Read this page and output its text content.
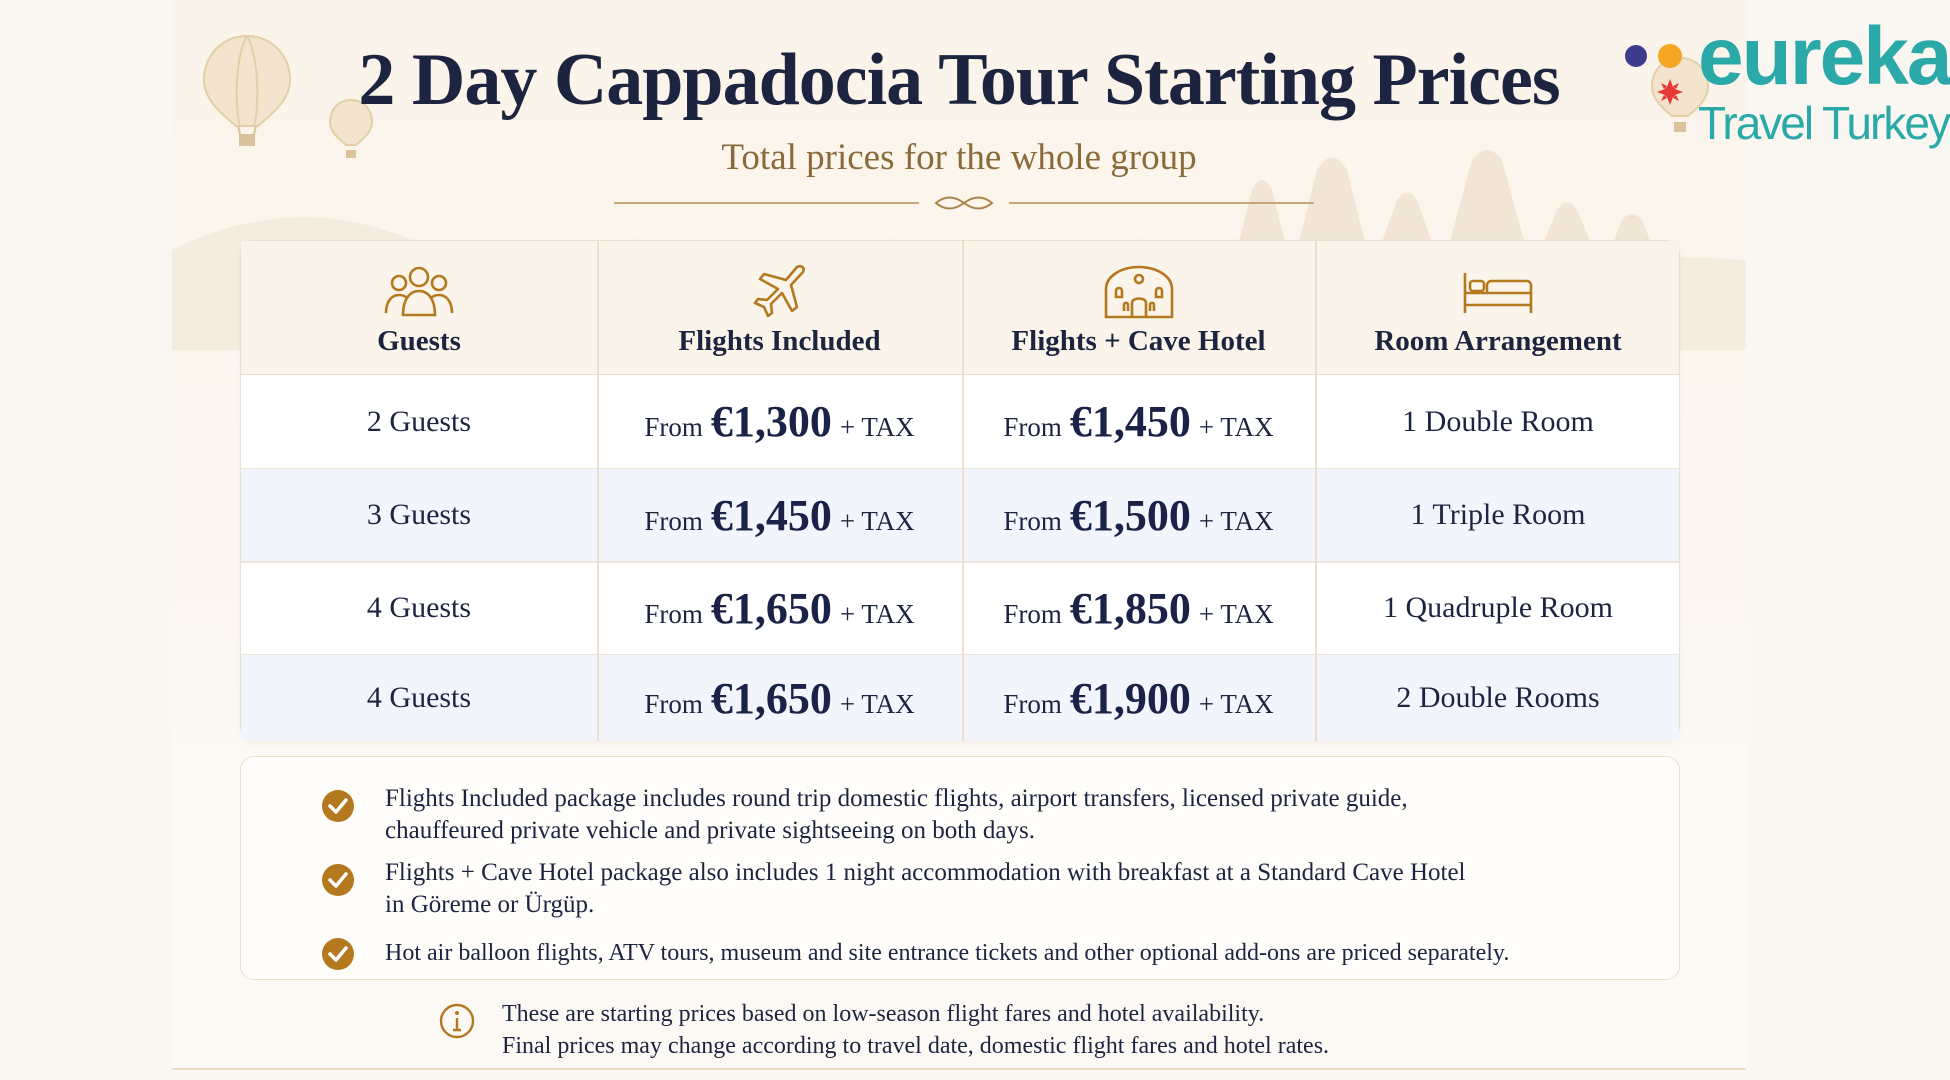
2 Day Cappadocia Tour Starting Prices
Total prices for the whole group
Guests	Flights Included	Flights + Cave Hotel	Room Arrangement
2 Guests	From €1,300 + TAX	From €1,450 + TAX	1 Double Room
3 Guests	From €1,450 + TAX	From €1,500 + TAX	1 Triple Room
4 Guests	From €1,650 + TAX	From €1,850 + TAX	1 Quadruple Room
4 Guests	From €1,650 + TAX	From €1,900 + TAX	2 Double Rooms
Flights Included package includes round trip domestic flights, airport transfers, licensed private guide,
chauffeured private vehicle and private sightseeing on both days.
Flights + Cave Hotel package also includes 1 night accommodation with breakfast at a Standard Cave Hotel
in Göreme or Ürgüp.
Hot air balloon flights, ATV tours, museum and site entrance tickets and other optional add-ons are priced separately.
These are starting prices based on low-season flight fares and hotel availability.
Final prices may change according to travel date, domestic flight fares and hotel rates.
eureka
Travel Turkey
